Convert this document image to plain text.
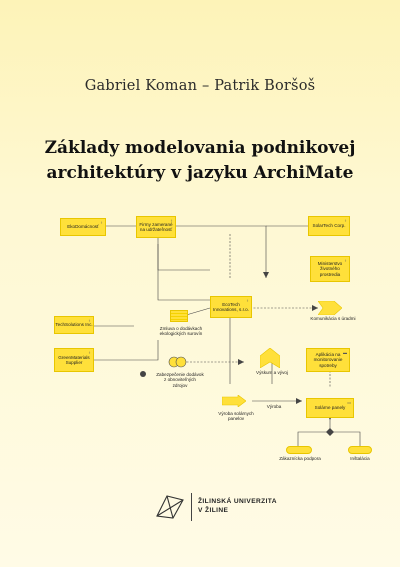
Gabriel Koman – Patrik Boršoš
Základy modelovania podnikovej
architektúry v jazyku ArchiMate
EkoDomácnosť
♀	Firmy zamerané na udržateľnosť
♀
SolarTech Corp.
♀
Ministerstvo životného prostredia
♀
EcoTech Innovations, s.r.o.
♀
TechSolutions Inc.
♀
GreenMaterials Supplier
♀	Aplikácia na monitorovanie spotreby
▬
Solárne panely
▭
Zákaznícka podpora	Inštalácia
Zmluva o dodávkach ekologických surovín
Komunikácia s úradmi
Výskum a vývoj
Zabezpečenie dodávok z obnoviteľných zdrojov
Výroba solárnych panelov
Výroba
ŽILINSKÁ UNIVERZITA
V ŽILINE
